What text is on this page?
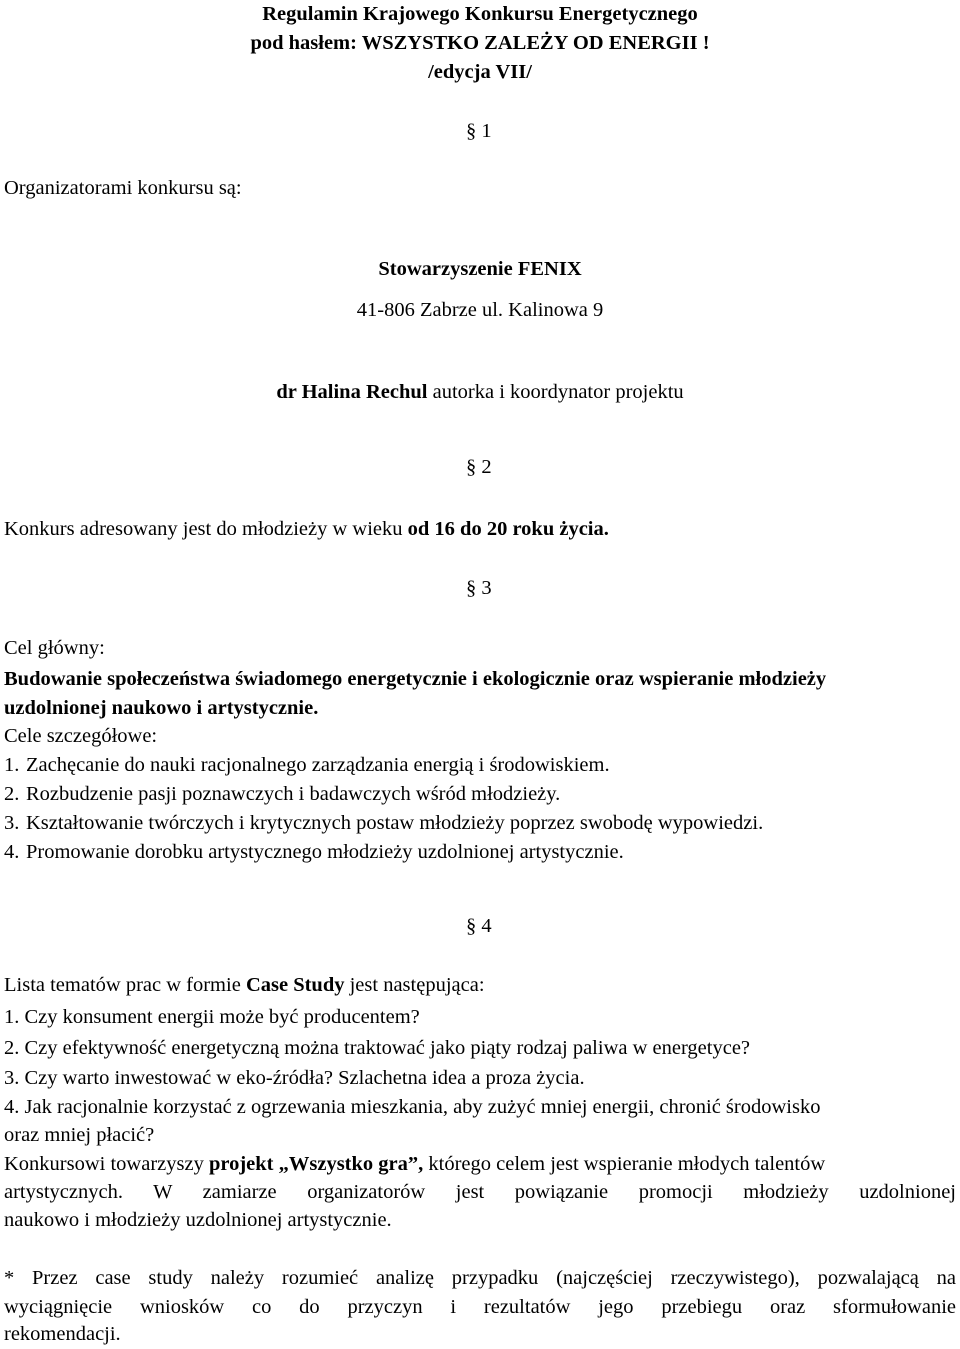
Regulamin Krajowego Konkursu Energetycznego
pod hasłem: WSZYSTKO ZALEŻY OD ENERGII !
/edycja VII/
§ 1
Organizatorami konkursu są:
Stowarzyszenie FENIX
41-806 Zabrze ul. Kalinowa 9
dr Halina Rechul autorka i koordynator projektu
§ 2
Konkurs adresowany jest do młodzieży w wieku od 16 do 20 roku życia.
§ 3
Cel główny:
Budowanie społeczeństwa świadomego energetycznie i ekologicznie oraz wspieranie młodzieży
uzdolnionej naukowo i artystycznie.
Cele szczegółowe:
1. Zachęcanie do nauki racjonalnego zarządzania energią i środowiskiem.
2. Rozbudzenie pasji poznawczych i badawczych wśród młodzieży.
3. Kształtowanie twórczych i krytycznych postaw młodzieży poprzez swobodę wypowiedzi.
4. Promowanie dorobku artystycznego młodzieży uzdolnionej artystycznie.
§ 4
Lista tematów prac w formie Case Study jest następująca:
1. Czy konsument energii może być producentem?
2. Czy efektywność energetyczną można traktować jako piąty rodzaj paliwa w energetyce?
3. Czy warto inwestować w eko-źródła? Szlachetna idea a proza życia.
4. Jak racjonalnie korzystać z ogrzewania mieszkania, aby zużyć mniej energii, chronić środowisko
oraz mniej płacić?
Konkursowi towarzyszy projekt „Wszystko gra”, którego celem jest wspieranie młodych talentów
artystycznych. W zamiarze organizatorów jest powiązanie promocji młodzieży uzdolnionej
naukowo i młodzieży uzdolnionej artystycznie.
* Przez case study należy rozumieć analizę przypadku (najczęściej rzeczywistego), pozwalającą na
wyciągnięcie wniosków co do przyczyn i rezultatów jego przebiegu oraz sformułowanie
rekomendacji.
